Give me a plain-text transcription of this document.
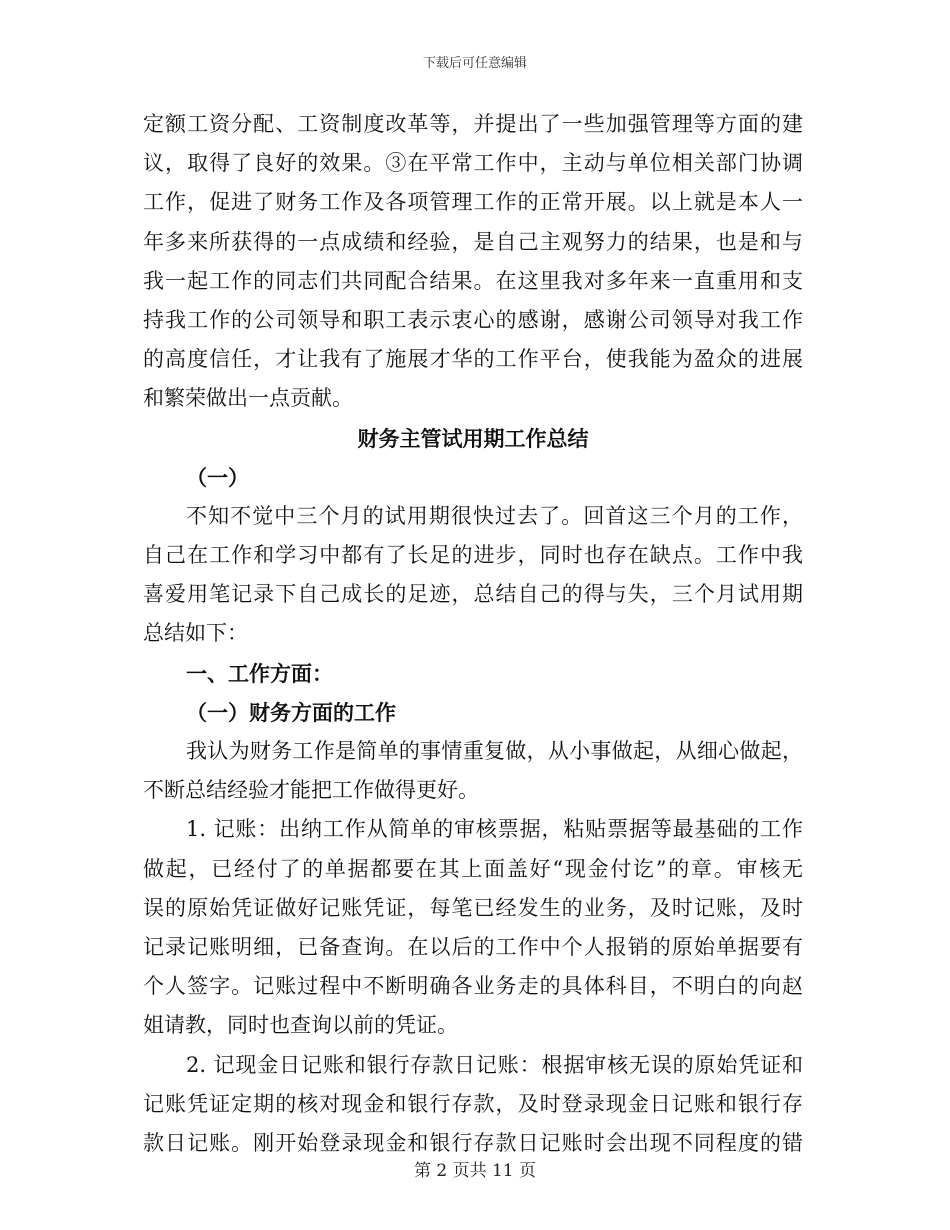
下载后可任意编辑
定额工资分配、工资制度改革等，并提出了一些加强管理等方面的建
议，取得了良好的效果。③在平常工作中，主动与单位相关部门协调
工作，促进了财务工作及各项管理工作的正常开展。以上就是本人一
年多来所获得的一点成绩和经验，是自己主观努力的结果，也是和与
我一起工作的同志们共同配合结果。在这里我对多年来一直重用和支
持我工作的公司领导和职工表示衷心的感谢，感谢公司领导对我工作
的高度信任，才让我有了施展才华的工作平台，使我能为盈众的进展
和繁荣做出一点贡献。
财务主管试用期工作总结
（一）
不知不觉中三个月的试用期很快过去了。回首这三个月的工作，
自己在工作和学习中都有了长足的进步，同时也存在缺点。工作中我
喜爱用笔记录下自己成长的足迹，总结自己的得与失，三个月试用期
总结如下：
一、工作方面：
（一）财务方面的工作
我认为财务工作是简单的事情重复做，从小事做起，从细心做起，
不断总结经验才能把工作做得更好。
1. 记账：出纳工作从简单的审核票据，粘贴票据等最基础的工作
做起，已经付了的单据都要在其上面盖好“现金付讫”的章。审核无
误的原始凭证做好记账凭证，每笔已经发生的业务，及时记账，及时
记录记账明细，已备查询。在以后的工作中个人报销的原始单据要有
个人签字。记账过程中不断明确各业务走的具体科目，不明白的向赵
姐请教，同时也查询以前的凭证。
2. 记现金日记账和银行存款日记账：根据审核无误的原始凭证和
记账凭证定期的核对现金和银行存款，及时登录现金日记账和银行存
款日记账。刚开始登录现金和银行存款日记账时会出现不同程度的错
第 2 页共 11 页
